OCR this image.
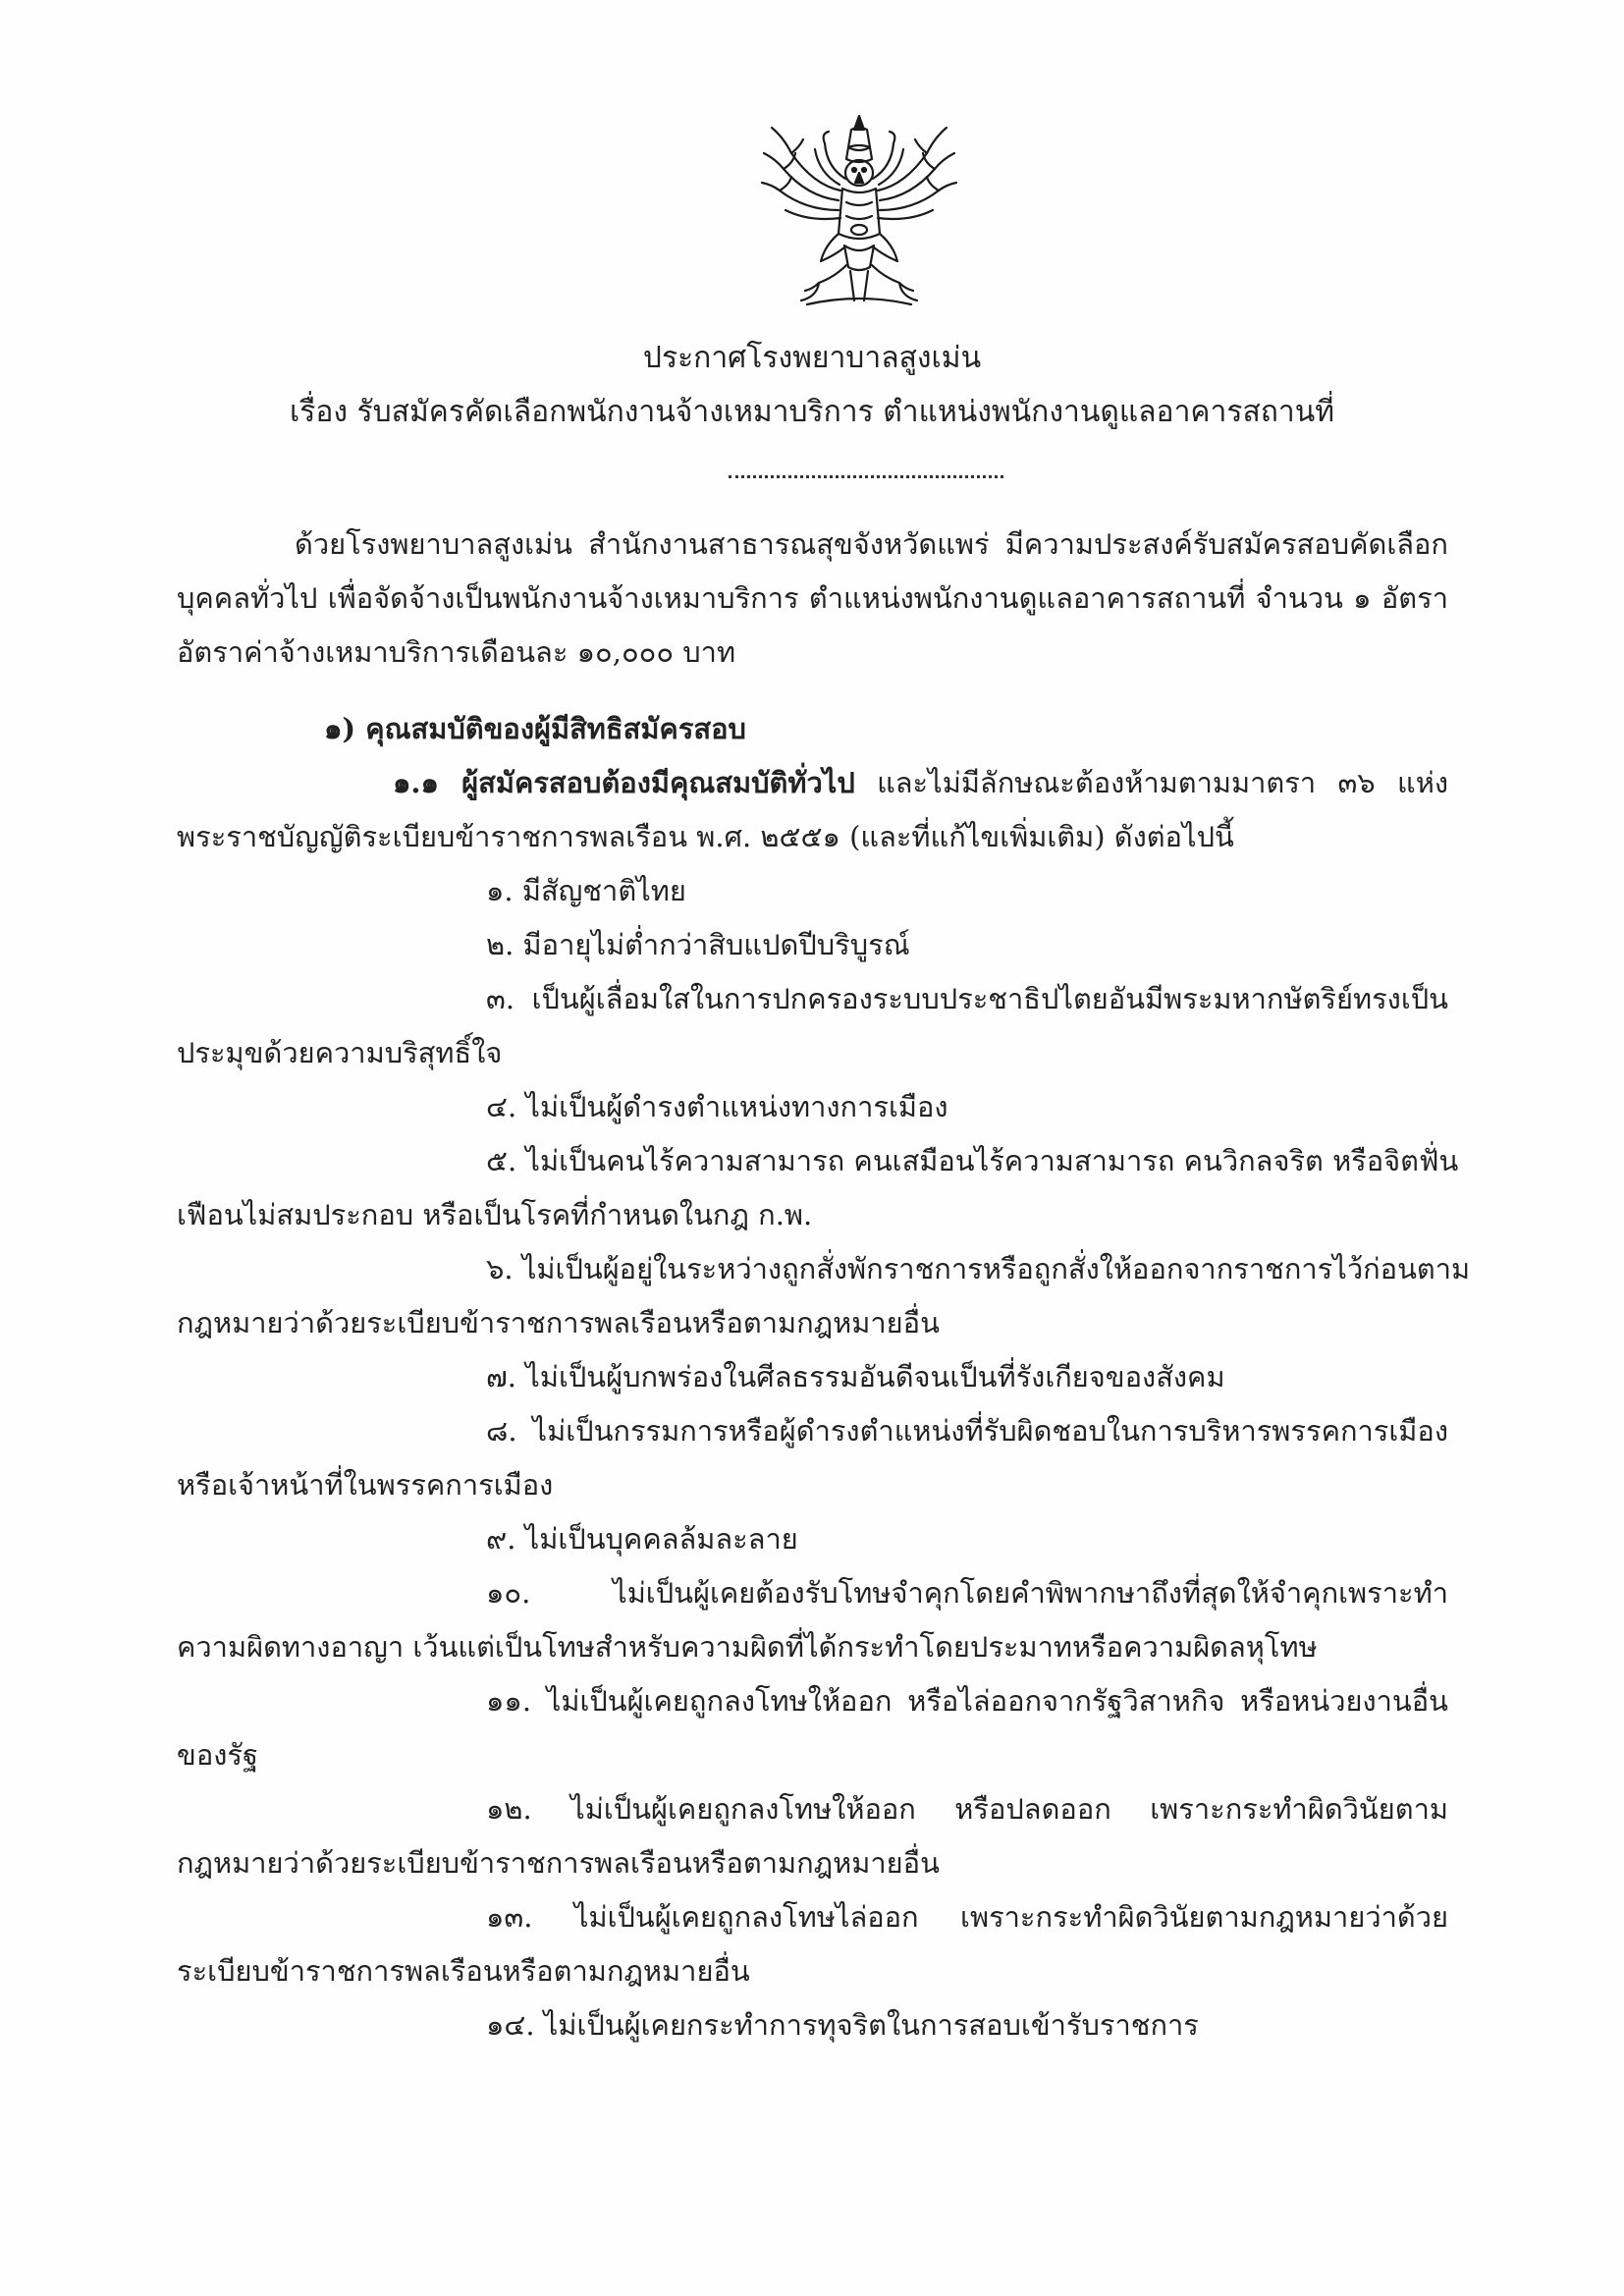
ประกาศโรงพยาบาลสูงเม่น
เรื่อง รับสมัครคัดเลือกพนักงานจ้างเหมาบริการ ตำแหน่งพนักงานดูแลอาคารสถานที่
ด้วยโรงพยาบาลสูงเม่น สำนักงานสาธารณสุขจังหวัดแพร่ มีความประสงค์รับสมัครสอบคัดเลือก
บุคคลทั่วไป เพื่อจัดจ้างเป็นพนักงานจ้างเหมาบริการ ตำแหน่งพนักงานดูแลอาคารสถานที่ จำนวน ๑ อัตรา
อัตราค่าจ้างเหมาบริการเดือนละ ๑๐,๐๐๐ บาท
๑) คุณสมบัติของผู้มีสิทธิสมัครสอบ
๑.๑ ผู้สมัครสอบต้องมีคุณสมบัติทั่วไป และไม่มีลักษณะต้องห้ามตามมาตรา ๓๖ แห่ง
พระราชบัญญัติระเบียบข้าราชการพลเรือน พ.ศ. ๒๕๕๑ (และที่แก้ไขเพิ่มเติม) ดังต่อไปนี้
๑. มีสัญชาติไทย
๒. มีอายุไม่ต่ำกว่าสิบแปดปีบริบูรณ์
๓. เป็นผู้เลื่อมใสในการปกครองระบบประชาธิปไตยอันมีพระมหากษัตริย์ทรงเป็น
ประมุขด้วยความบริสุทธิ์ใจ
๔. ไม่เป็นผู้ดำรงตำแหน่งทางการเมือง
๕. ไม่เป็นคนไร้ความสามารถ คนเสมือนไร้ความสามารถ คนวิกลจริต หรือจิตฟั่น
เฟือนไม่สมประกอบ หรือเป็นโรคที่กำหนดในกฎ ก.พ.
๖. ไม่เป็นผู้อยู่ในระหว่างถูกสั่งพักราชการหรือถูกสั่งให้ออกจากราชการไว้ก่อนตาม
กฎหมายว่าด้วยระเบียบข้าราชการพลเรือนหรือตามกฎหมายอื่น
๗. ไม่เป็นผู้บกพร่องในศีลธรรมอันดีจนเป็นที่รังเกียจของสังคม
๘. ไม่เป็นกรรมการหรือผู้ดำรงตำแหน่งที่รับผิดชอบในการบริหารพรรคการเมือง
หรือเจ้าหน้าที่ในพรรคการเมือง
๙. ไม่เป็นบุคคลล้มละลาย
๑๐. ไม่เป็นผู้เคยต้องรับโทษจำคุกโดยคำพิพากษาถึงที่สุดให้จำคุกเพราะทำ
ความผิดทางอาญา เว้นแต่เป็นโทษสำหรับความผิดที่ได้กระทำโดยประมาทหรือความผิดลหุโทษ
๑๑. ไม่เป็นผู้เคยถูกลงโทษให้ออก หรือไล่ออกจากรัฐวิสาหกิจ หรือหน่วยงานอื่น
ของรัฐ
๑๒. ไม่เป็นผู้เคยถูกลงโทษให้ออก หรือปลดออก เพราะกระทำผิดวินัยตาม
กฎหมายว่าด้วยระเบียบข้าราชการพลเรือนหรือตามกฎหมายอื่น
๑๓. ไม่เป็นผู้เคยถูกลงโทษไล่ออก เพราะกระทำผิดวินัยตามกฎหมายว่าด้วย
ระเบียบข้าราชการพลเรือนหรือตามกฎหมายอื่น
๑๔. ไม่เป็นผู้เคยกระทำการทุจริตในการสอบเข้ารับราชการ
